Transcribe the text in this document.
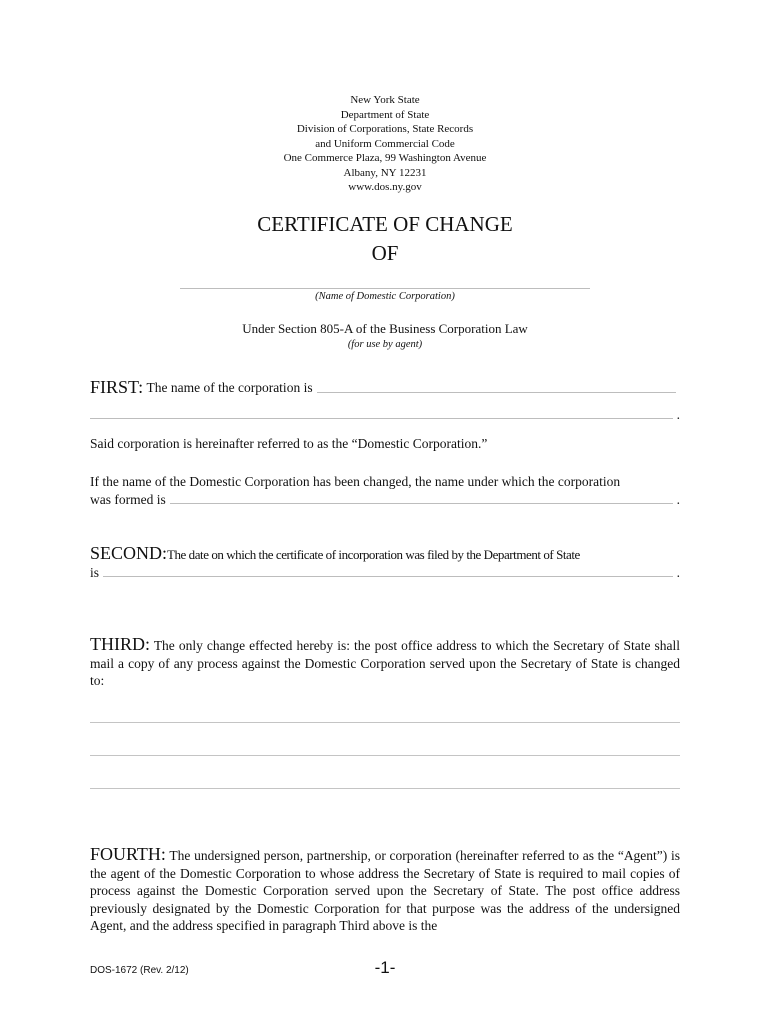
New York State
Department of State
Division of Corporations, State Records
and Uniform Commercial Code
One Commerce Plaza, 99 Washington Avenue
Albany, NY 12231
www.dos.ny.gov
CERTIFICATE OF CHANGE
OF
(Name of Domestic Corporation)
Under Section 805-A of the Business Corporation Law
(for use by agent)
FIRST:
The name of the corporation is
.
Said corporation is hereinafter referred to as the “Domestic Corporation.”
If the name of the Domestic Corporation has been changed, the name under which the corporation
was formed is	.
SECOND:The date on which the certificate of incorporation was filed by the Department of State
is	.
THIRD: The only change effected hereby is: the post office address to which the Secretary of State shall mail a copy of any process against the Domestic Corporation served upon the Secretary of State is changed to:
FOURTH: The undersigned person, partnership, or corporation (hereinafter referred to as the “Agent”) is the agent of the Domestic Corporation to whose address the Secretary of State is required to mail copies of process against the Domestic Corporation served upon the Secretary of State. The post office address previously designated by the Domestic Corporation for that purpose was the address of the undersigned Agent, and the address specified in paragraph Third above is the
DOS-1672 (Rev. 2/12)	-1-
